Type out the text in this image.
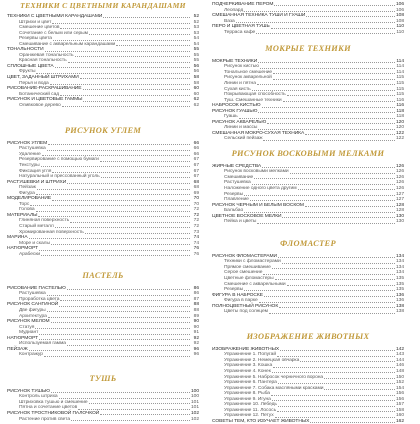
ТЕХНИКИ С ЦВЕТНЫМИ КАРАНДАШАМИ
ТЕХНИКИ С ЦВЕТНЫМИ КАРАНДАШАМИ	52
Штрихи и цвет	52
Смешение цветов	53
Сочетание с белым или серым	53
Резервы цвета	54
Смешивание с акварельным карандашами	54
ТОНАЛЬНОСТИ	55
Оранжевая тональность	55
Красная тональность	55
СПЛОШНЫЕ ЦВЕТА	56
Фрукты	56
ЦВЕТ, ЗАДАННЫЙ ШТРИХАМИ	58
Перья и вода	58
РИСОВАНИЕ-РАСКРАШИВАНИЕ	60
Ботанический сад	60
РИСУНОК И ЦВЕТОВЫЕ ГАММЫ	62
Оливковое дерево	62
РИСУНОК УГЛЕМ
РИСУНОК УГЛЕМ	66
Растушевка	66
Удаление	66
Резервирование с помощью бумаги	67
Текстуры	67
Фиксация угля	67
Натуральный и прессованный уголь	67
РАСТУШЕВКИ И ШТРИХИ	68
Пейзаж	68
Фигура	69
МОДЕЛИРОВАНИЕ	70
Торс	70
Голова	72
МАТЕРИАЛЫ	72
Глиняная поверхность	72
Старый металл	72
Хромированная поверхность	73
МАРИНА	74
Море и скалы	74
НАТЮРМОРТ	76
Арабески	76
ПАСТЕЛЬ
РИСОВАНИЕ ПАСТЕЛЬЮ	86
Растушевка	86
Проработка цвета	87
РИСУНОК САНГИНОЙ	88
Две фигуры	88
Архитектура	89
РИСУНОК МЕЛОМ	90
Статуя	90
Мудиант	91
НАТЮРМОРТ	92
Используемая гамма	92
ПЕЙЗАЖ	96
Контражур	96
ТУШЬ
РИСУНОК ТУШЬЮ	100
Контроль штриха	100
Штриховка тушью и смешение	101
Пятна и сочетание цветов	101
РИСУНОК ТРОСТНИКОВОЙ ПАЛОЧКОЙ	102
Растение против света	102
ПОДЧЕРКИВАНИЕ ПЕРОМ	106
Леопард	106
СМЕШАННАЯ ТЕХНИКА ТУШИ И ГУАШИ	108
Ваза	108
ПЕРО И ЦВЕТНАЯ ТУШЬ	110
Терраса кафе	110
МОКРЫЕ ТЕХНИКИ
МОКРЫЕ ТЕХНИКИ	114
Рисунок кистью	114
Тональное смешение	114
Рисунок акварельной	115
Линии и пятна	115
Сухая кисть	115
Покрывающая способность	115
Туш. Смешанные техники	116
НАБРОСОК КИСТЬЮ	116
РИСУНОК ГУАШЬЮ	118
Гуашь	118
РИСУНОК АКВАРЕЛЬЮ	120
Линии и массы	120
СМЕШАННАЯ МОКРО-СУХАЯ ТЕХНИКА	122
Сельский пейзаж	122
РИСУНОК ВОСКОВЫМИ МЕЛКАМИ
ЖИРНЫЕ СРЕДСТВА	126
Рисунок восковыми мелками	126
Смешивание	126
Растушевка	126
Наложение одного цвета другим	126
Резервы	127
Плавление	127
РИСУНОК ЧЕРНЫМ И БЕЛЫМ ВОСКОМ	128
Бальбао	128
ЦВЕТНОЕ ВОСКОВОЕ МЕЛКИ	130
Пейка и цветы	130
ФЛОМАСТЕР
РИСУНОК ФЛОМАСТЕРАМИ	134
Техники с фломастерами	134
Прямое смешивание	134
Серое смешение	134
Цветные фломастеры	135
Смешение с акварельными	135
Резервы	135
ФИГУРА В НАБРОСКЕ	136
Фигура в парке	136
ПОЛНОЦВЕТНЫЙ РИСУНОК	138
Цветы под солнцем	138
ИЗОБРАЖЕНИЕ ЖИВОТНЫХ
ИЗОБРАЖЕНИЕ ЖИВОТНЫХ	142
Упражнение 1. Попугай	143
Упражнение 2. Немецкая овчарка	144
Упражнение 3. Кошка	146
Упражнение 4. Конек	148
Упражнение 5. Набросок черничного ворона	150
Упражнение 6. Пантера	152
Упражнение 7. Собака масляными красками	154
Упражнение 8. Рыба	156
Упражнение 9. Игуна	156
Упражнение 10. Лебедь	157
Упражнение 11. Лосось	158
Упражнение 12. Петух	160
СОВЕТЫ ТЕМ, КТО ИЗУЧАЕТ ЖИВОТНЫХ	162
